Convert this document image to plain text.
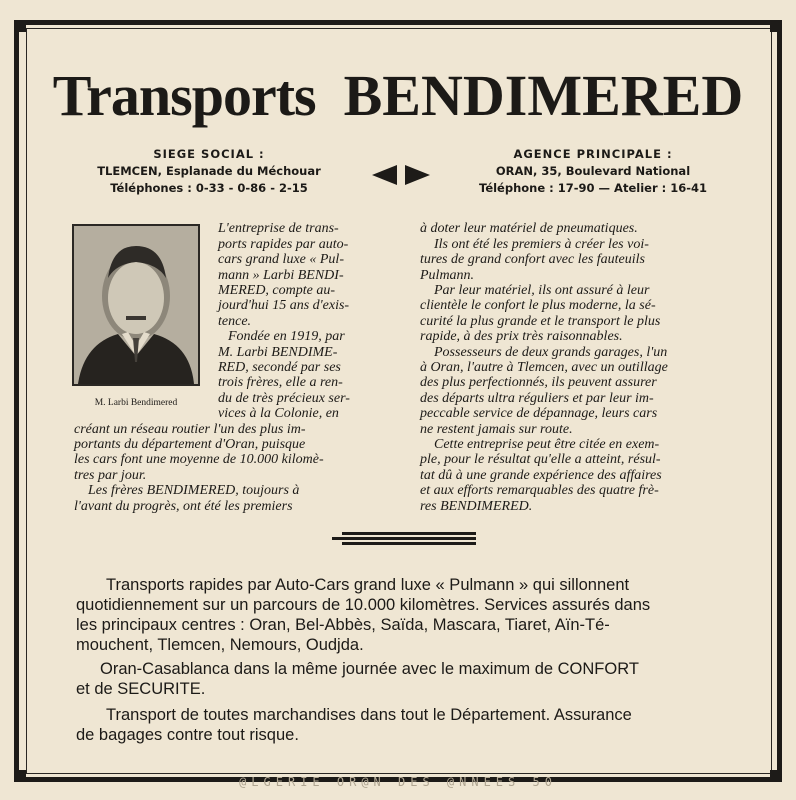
Transports BENDIMERED
SIEGE SOCIAL :
TLEMCEN, Esplanade du Méchouar
Téléphones : 0-33 - 0-86 - 2-15
AGENCE PRINCIPALE :
ORAN, 35, Boulevard National
Téléphone : 17-90 — Atelier : 16-41
M. Larbi Bendimered

L'entreprise de trans-

ports rapides par auto-

cars grand luxe « Pul-

mann » Larbi BENDI-

MERED, compte au-

jourd'hui 15 ans d'exis-

tence.

Fondée en 1919, par

M. Larbi BENDIME-

RED, secondé par ses

trois frères, elle a ren-

du de très précieux ser-

vices à la Colonie, en

créant un réseau routier l'un des plus im-

portants du département d'Oran, puisque

les cars font une moyenne de 10.000 kilomè-

tres par jour.

Les frères BENDIMERED, toujours à

l'avant du progrès, ont été les premiers

à doter leur matériel de pneumatiques.

Ils ont été les premiers à créer les voi-

tures de grand confort avec les fauteuils

Pulmann.

Par leur matériel, ils ont assuré à leur

clientèle le confort le plus moderne, la sé-

curité la plus grande et le transport le plus

rapide, à des prix très raisonnables.

Possesseurs de deux grands garages, l'un

à Oran, l'autre à Tlemcen, avec un outillage

des plus perfectionnés, ils peuvent assurer

des départs ultra réguliers et par leur im-

peccable service de dépannage, leurs cars

ne restent jamais sur route.

Cette entreprise peut être citée en exem-

ple, pour le résultat qu'elle a atteint, résul-

tat dû à une grande expérience des affaires

et aux efforts remarquables des quatre frè-

res BENDIMERED.

Transports rapides par Auto-Cars grand luxe « Pulmann » qui sillonnent
quotidiennement sur un parcours de 10.000 kilomètres. Services assurés dans
les principaux centres : Oran, Bel-Abbès, Saïda, Mascara, Tiaret, Aïn-Té-
mouchent, Tlemcen, Nemours, Oudjda.
Oran-Casablanca dans la même journée avec le maximum de CONFORT
et de SECURITE.
Transport de toutes marchandises dans tout le Département. Assurance
de bagages contre tout risque.
@LGERIE OR@N DES @NNEES 50
